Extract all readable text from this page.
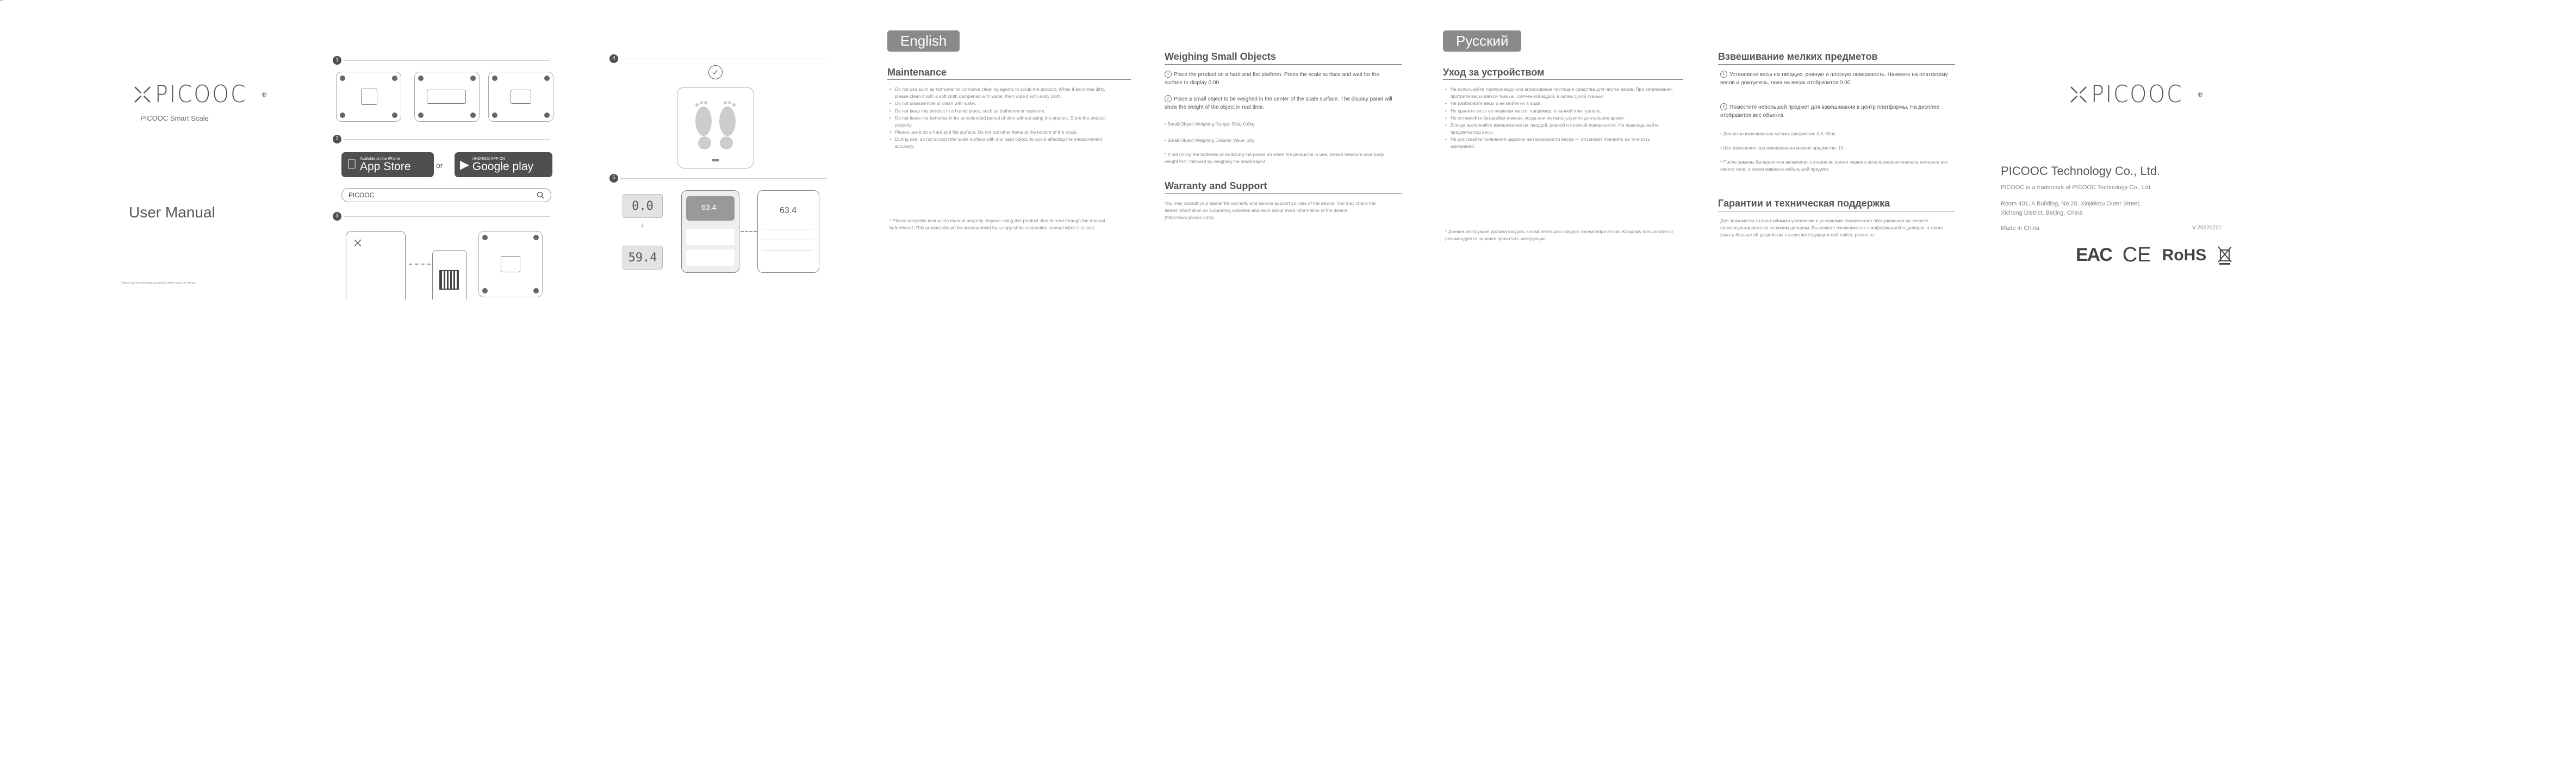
PICOOC ®
PICOOC Smart Scale
User Manual
Please read the user manual carefully before using the device.
1
2
Available on the iPhone
App Store	or ▶ ANDROID APP ON
Google play
PICOOC
3
4
✓
5
0.0
↓
59.4
63.4	63.4
English
Maintenance
• Do not use such as hot water or corrosive cleaning agents to scrub the product. When it becomes dirty, please clean it with a soft cloth dampened with water, then wipe it with a dry cloth.
• Do not disassemble or clean with water.
• Do not keep this product in a humid place, such as bathroom or restroom.
• Do not leave the batteries in for an extended period of time without using the product. Store the product properly.
• Please use it on a hard and flat surface. Do not put other items at the bottom of the scale.
• During use, do not scratch the scale surface with any hard object, to avoid affecting the measurement accuracy.
* Please keep this instruction manual properly. Anyone using this product should read through the manual beforehand. This product should be accompanied by a copy of the instruction manual when it is sold.
Weighing Small Objects
1 Place the product on a hard and flat platform. Press the scale surface and wait for the surface to display 0.00.
2 Place a small object to be weighed in the center of the scale surface. The display panel will show the weight of the object in real time.
• Small Object Weighing Range: 50kg-0.6kg
• Small Object Weighing Division Value: 10g
* If not rolling the batteries or switching the power on when the product is in use, please measure your body weight first, followed by weighing the small object.
Warranty and Support
You may consult your dealer for warranty and service support policies of the device. You may check the dealer information on supporting websites and learn about more information of the device (http://www.picooc.com).
Русский
Уход за устройством
• Не используйте горячую воду или агрессивные чистящие средства для чистки весов. При загрязнении, протрите весы мягкой тканью, смоченной водой, а затем сухой тканью.
• Не разбирайте весы и не мойте их в воде.
• Не храните весы во влажном месте, например, в ванной или туалете.
• Не оставляйте батарейки в весах, когда они не используются длительное время.
• Всегда выполняйте взвешивание на твердой, ровной и плоской поверхности. Не подкладывайте предметы под весы.
• Не допускайте появления царапин на поверхности весов — это может повлиять на точность измерений.
* Данная инструкция должна входить в комплектацию каждого экземпляра весов. Каждому пользователю рекомендуется заранее прочитать инструкцию.
Взвешивание мелких предметов
1 Установите весы на твердую, ровную и плоскую поверхность. Нажмите на платформу весов и дождитесь, пока на весах отобразится 0.00.
2 Поместите небольшой предмет для взвешивания в центр платформы. На дисплее отобразится вес объекта.
• Диапазон взвешивания мелких предметов: 0,6–50 кг.
• Шаг измерения при взвешивании мелких предметов: 10 г.
* После замены батареек или включения питания во время первого использования сначала измерьте вес своего тела, а затем взвесьте небольшой предмет.
Гарантии и техническая поддержка
Для знакомства с гарантийными условиями и условиями технического обслуживания вы можете проконсультироваться со своим дилером. Вы можете ознакомиться с информацией о дилерах, а также узнать больше об устройстве на соответствующем веб-сайте: picooc.ru.
PICOOC ®
PICOOC Technology Co., Ltd.
PICOOC is a trademark of PICOOC Technology Co., Ltd.
Room 401, A Building, No.28, Xinjiekou Outer Street, Xicheng District, Beijing, China
Made in China	V 20220721
EAC CE RoHS
